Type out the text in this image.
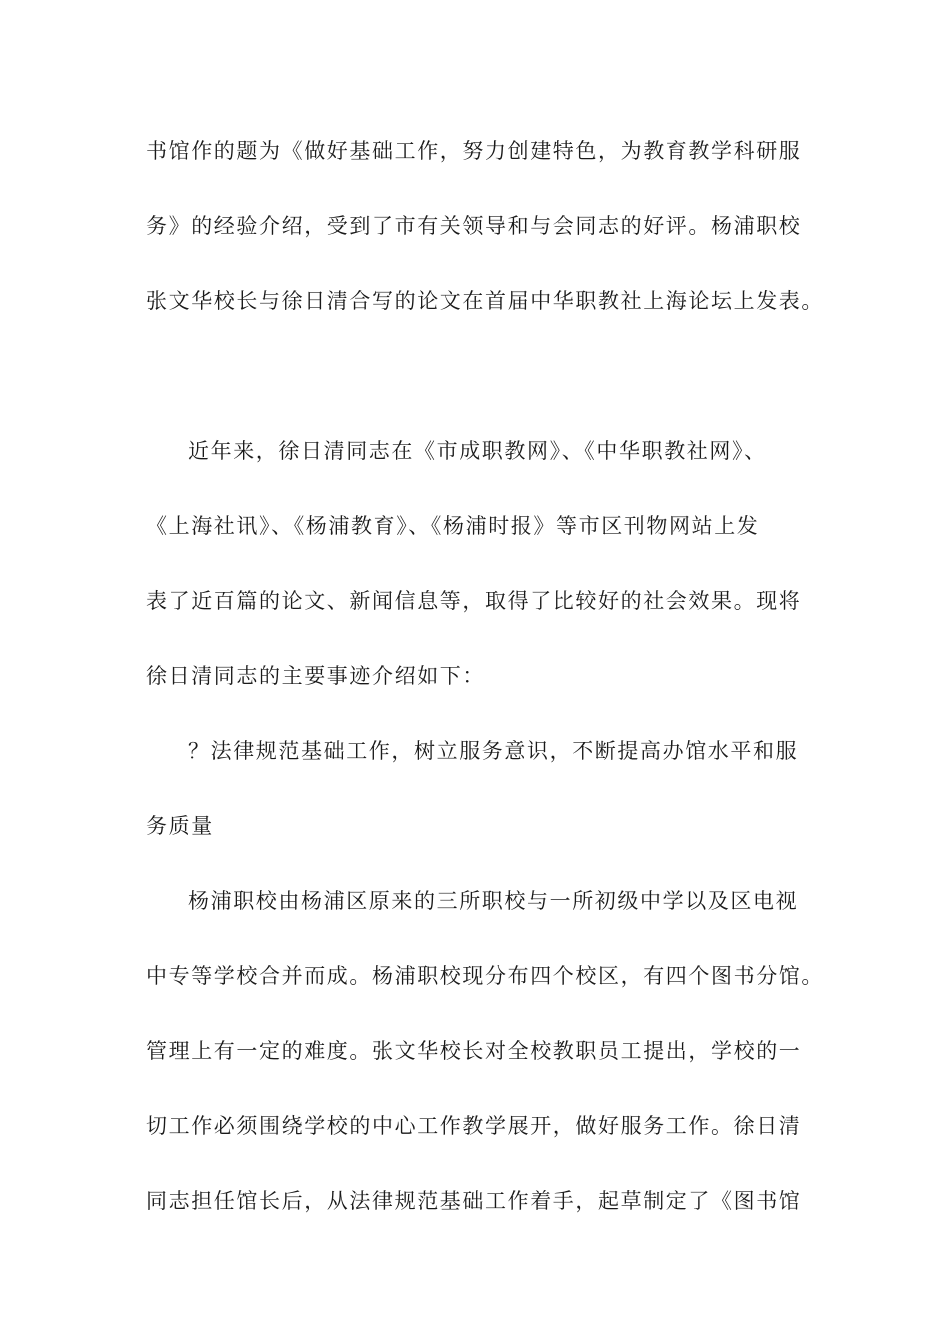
书馆作的题为《做好基础工作，努力创建特色，为教育教学科研服
务》的经验介绍，受到了市有关领导和与会同志的好评。杨浦职校
张文华校长与徐日清合写的论文在首届中华职教社上海论坛上发表。
近年来，徐日清同志在《市成职教网》、《中华职教社网》、
《上海社讯》、《杨浦教育》、《杨浦时报》等市区刊物网站上发
表了近百篇的论文、新闻信息等，取得了比较好的社会效果。现将
徐日清同志的主要事迹介绍如下：
？法律规范基础工作，树立服务意识，不断提高办馆水平和服
务质量
杨浦职校由杨浦区原来的三所职校与一所初级中学以及区电视
中专等学校合并而成。杨浦职校现分布四个校区，有四个图书分馆。
管理上有一定的难度。张文华校长对全校教职员工提出，学校的一
切工作必须围绕学校的中心工作教学展开，做好服务工作。徐日清
同志担任馆长后，从法律规范基础工作着手，起草制定了《图书馆
